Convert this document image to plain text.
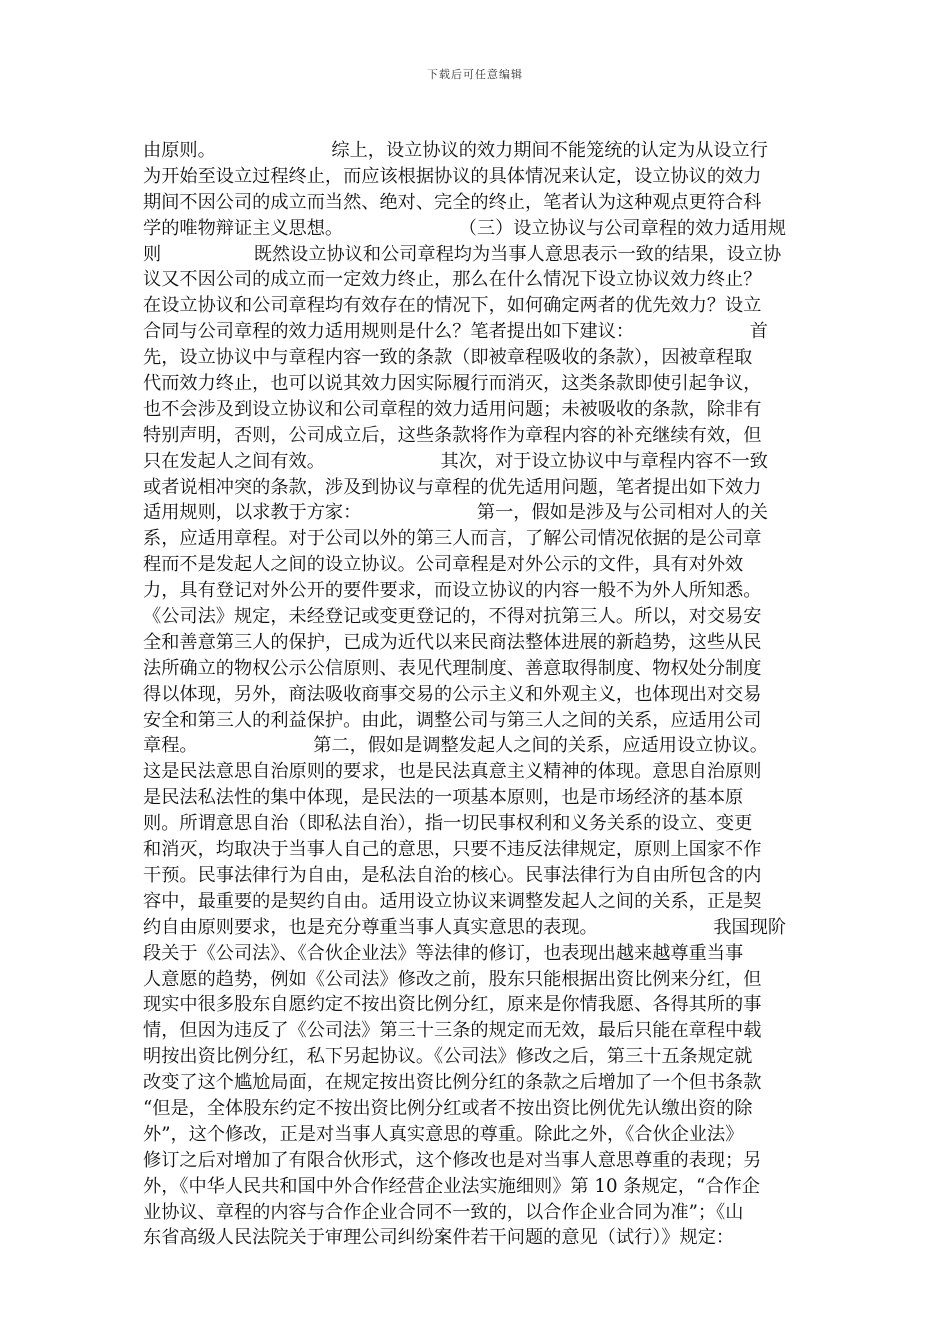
下载后可任意编辑
由原则。                    综上，设立协议的效力期间不能笼统的认定为从设立行
为开始至设立过程终止，而应该根据协议的具体情况来认定，设立协议的效力
期间不因公司的成立而当然、绝对、完全的终止，笔者认为这种观点更符合科
学的唯物辩证主义思想。                    （三）设立协议与公司章程的效力适用规
则                既然设立协议和公司章程均为当事人意思表示一致的结果，设立协
议又不因公司的成立而一定效力终止，那么在什么情况下设立协议效力终止？
在设立协议和公司章程均有效存在的情况下，如何确定两者的优先效力？设立
合同与公司章程的效力适用规则是什么？笔者提出如下建议：                    首
先，设立协议中与章程内容一致的条款（即被章程吸收的条款），因被章程取
代而效力终止，也可以说其效力因实际履行而消灭，这类条款即使引起争议，
也不会涉及到设立协议和公司章程的效力适用问题；未被吸收的条款，除非有
特别声明，否则，公司成立后，这些条款将作为章程内容的补充继续有效，但
只在发起人之间有效。                    其次，对于设立协议中与章程内容不一致
或者说相冲突的条款，涉及到协议与章程的优先适用问题，笔者提出如下效力
适用规则，以求教于方家：                    第一，假如是涉及与公司相对人的关
系，应适用章程。对于公司以外的第三人而言，了解公司情况依据的是公司章
程而不是发起人之间的设立协议。公司章程是对外公示的文件，具有对外效
力，具有登记对外公开的要件要求，而设立协议的内容一般不为外人所知悉。
《公司法》规定，未经登记或变更登记的，不得对抗第三人。所以，对交易安
全和善意第三人的保护，已成为近代以来民商法整体进展的新趋势，这些从民
法所确立的物权公示公信原则、表见代理制度、善意取得制度、物权处分制度
得以体现，另外，商法吸收商事交易的公示主义和外观主义，也体现出对交易
安全和第三人的利益保护。由此，调整公司与第三人之间的关系，应适用公司
章程。                    第二，假如是调整发起人之间的关系，应适用设立协议。
这是民法意思自治原则的要求，也是民法真意主义精神的体现。意思自治原则
是民法私法性的集中体现，是民法的一项基本原则，也是市场经济的基本原
则。所谓意思自治（即私法自治），指一切民事权利和义务关系的设立、变更
和消灭，均取决于当事人自己的意思，只要不违反法律规定，原则上国家不作
干预。民事法律行为自由，是私法自治的核心。民事法律行为自由所包含的内
容中，最重要的是契约自由。适用设立协议来调整发起人之间的关系，正是契
约自由原则要求，也是充分尊重当事人真实意思的表现。                    我国现阶
段关于《公司法》、《合伙企业法》等法律的修订，也表现出越来越尊重当事
人意愿的趋势，例如《公司法》修改之前，股东只能根据出资比例来分红，但
现实中很多股东自愿约定不按出资比例分红，原来是你情我愿、各得其所的事
情，但因为违反了《公司法》第三十三条的规定而无效，最后只能在章程中载
明按出资比例分红，私下另起协议。《公司法》修改之后，第三十五条规定就
改变了这个尴尬局面，在规定按出资比例分红的条款之后增加了一个但书条款
“但是，全体股东约定不按出资比例分红或者不按出资比例优先认缴出资的除
外”，这个修改，正是对当事人真实意思的尊重。除此之外，《合伙企业法》
修订之后对增加了有限合伙形式，这个修改也是对当事人意思尊重的表现；另
外，《中华人民共和国中外合作经营企业法实施细则》第 10 条规定，“合作企
业协议、章程的内容与合作企业合同不一致的，以合作企业合同为准”；《山
东省高级人民法院关于审理公司纠纷案件若干问题的意见（试行）》规定：
